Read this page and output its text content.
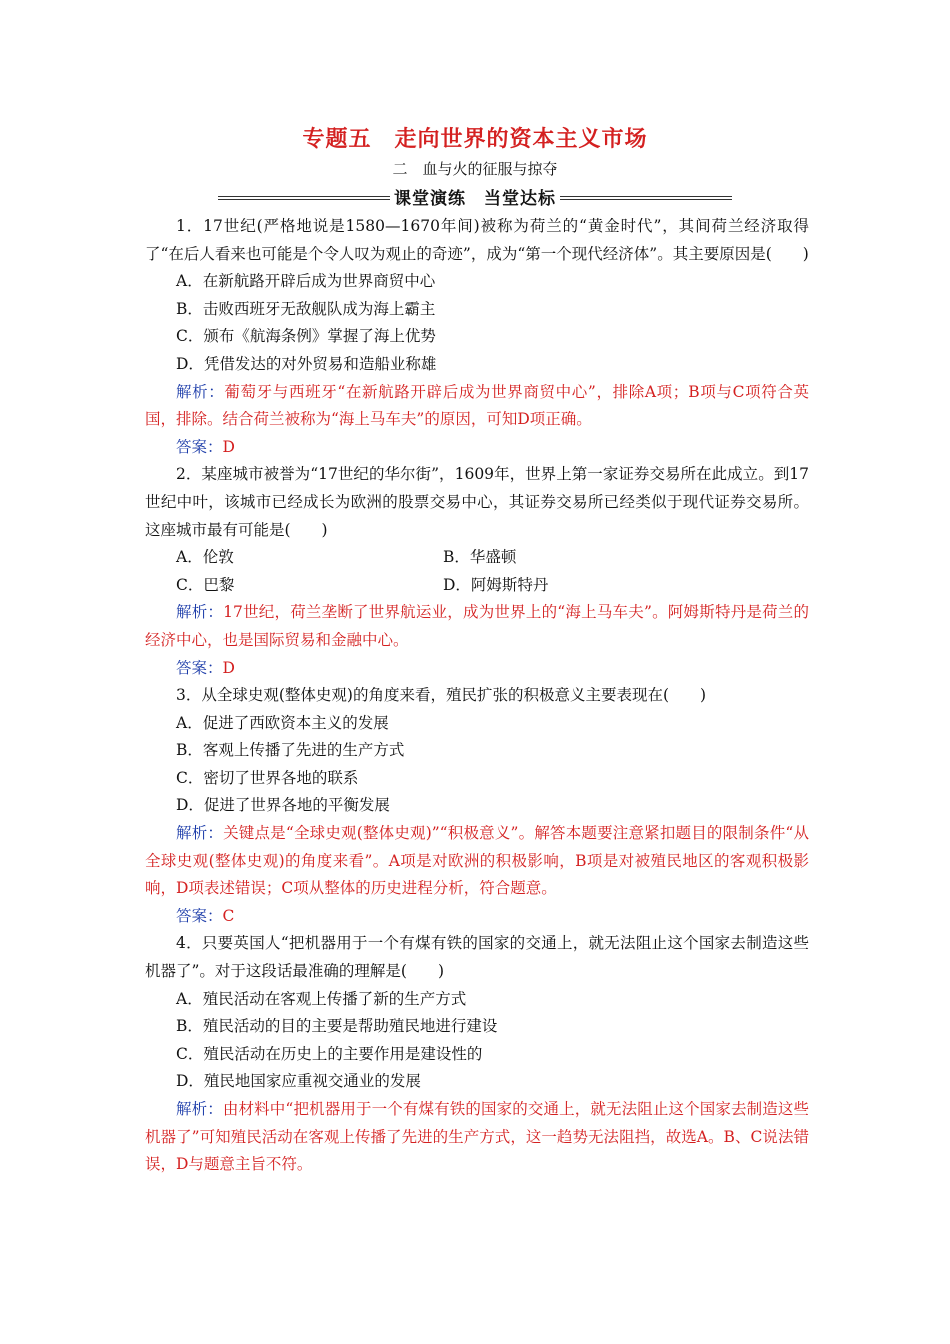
专题五　走向世界的资本主义市场
二　血与火的征服与掠夺
课堂演练　当堂达标

1．17世纪(严格地说是1580—1670年间)被称为荷兰的“黄金时代”，其间荷兰经济取得了“在后人看来也可能是个令人叹为观止的奇迹”，成为“第一个现代经济体”。其主要原因是(　　)

A．在新航路开辟后成为世界商贸中心

B．击败西班牙无敌舰队成为海上霸主

C．颁布《航海条例》掌握了海上优势

D．凭借发达的对外贸易和造船业称雄

解析：葡萄牙与西班牙“在新航路开辟后成为世界商贸中心”，排除A项；B项与C项符合英国，排除。结合荷兰被称为“海上马车夫”的原因，可知D项正确。

答案：D

2．某座城市被誉为“17世纪的华尔街”，1609年，世界上第一家证券交易所在此成立。到17世纪中叶，该城市已经成长为欧洲的股票交易中心，其证券交易所已经类似于现代证券交易所。这座城市最有可能是(　　)

A．伦敦	B．华盛顿
C．巴黎	D．阿姆斯特丹

解析：17世纪，荷兰垄断了世界航运业，成为世界上的“海上马车夫”。阿姆斯特丹是荷兰的经济中心，也是国际贸易和金融中心。

答案：D

3．从全球史观(整体史观)的角度来看，殖民扩张的积极意义主要表现在(　　)

A．促进了西欧资本主义的发展

B．客观上传播了先进的生产方式

C．密切了世界各地的联系

D．促进了世界各地的平衡发展

解析：关键点是“全球史观(整体史观)”“积极意义”。解答本题要注意紧扣题目的限制条件“从全球史观(整体史观)的角度来看”。A项是对欧洲的积极影响，B项是对被殖民地区的客观积极影响，D项表述错误；C项从整体的历史进程分析，符合题意。

答案：C

4．只要英国人“把机器用于一个有煤有铁的国家的交通上，就无法阻止这个国家去制造这些机器了”。对于这段话最准确的理解是(　　)

A．殖民活动在客观上传播了新的生产方式

B．殖民活动的目的主要是帮助殖民地进行建设

C．殖民活动在历史上的主要作用是建设性的

D．殖民地国家应重视交通业的发展

解析：由材料中“把机器用于一个有煤有铁的国家的交通上，就无法阻止这个国家去制造这些机器了”可知殖民活动在客观上传播了先进的生产方式，这一趋势无法阻挡，故选A。B、C说法错误，D与题意主旨不符。
